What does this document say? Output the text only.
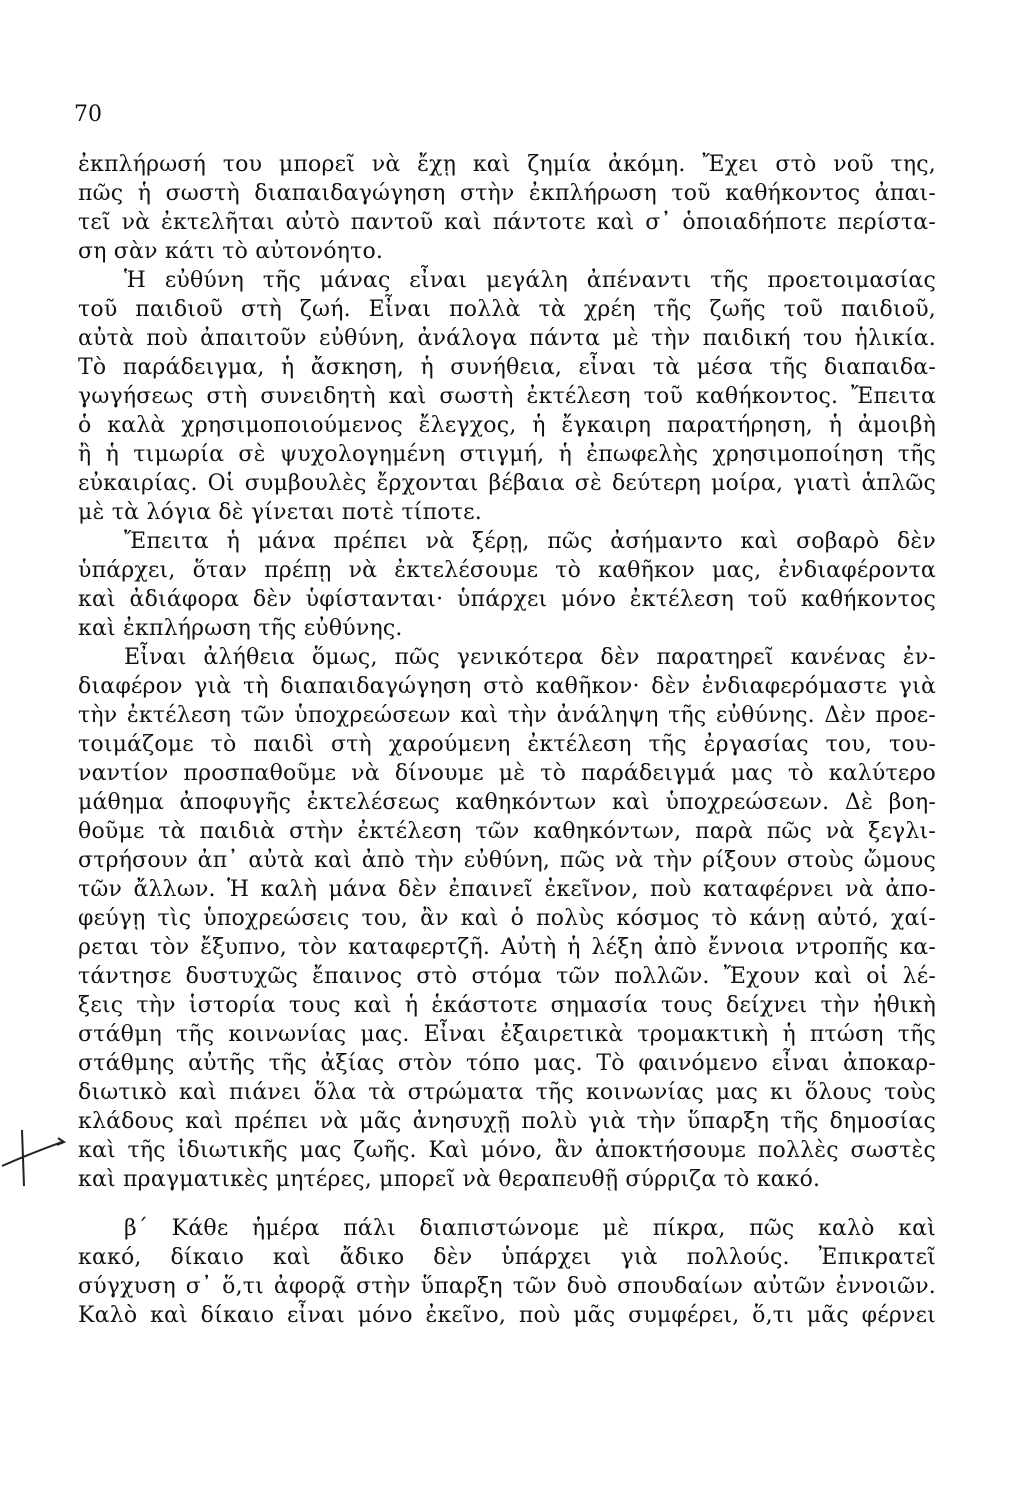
70
ἐκπλήρωσή του μπορεῖ νὰ ἔχῃ καὶ ζημία ἀκόμη. Ἔχει στὸ νοῦ της,
πῶς ἡ σωστὴ διαπαιδαγώγηση στὴν ἐκπλήρωση τοῦ καθήκοντος ἀπαι-
τεῖ νὰ ἐκτελῆται αὐτὸ παντοῦ καὶ πάντοτε καὶ σ᾽ ὁποιαδήποτε περίστα-
ση σὰν κάτι τὸ αὐτονόητο.
Ἡ εὐθύνη τῆς μάνας εἶναι μεγάλη ἀπέναντι τῆς προετοιμασίας
τοῦ παιδιοῦ στὴ ζωή. Εἶναι πολλὰ τὰ χρέη τῆς ζωῆς τοῦ παιδιοῦ,
αὐτὰ ποὺ ἀπαιτοῦν εὐθύνη, ἀνάλογα πάντα μὲ τὴν παιδική του ἡλικία.
Τὸ παράδειγμα, ἡ ἄσκηση, ἡ συνήθεια, εἶναι τὰ μέσα τῆς διαπαιδα-
γωγήσεως στὴ συνειδητὴ καὶ σωστὴ ἐκτέλεση τοῦ καθήκοντος. Ἔπειτα
ὁ καλὰ χρησιμοποιούμενος ἔλεγχος, ἡ ἔγκαιρη παρατήρηση, ἡ ἀμοιβὴ
ἢ ἡ τιμωρία σὲ ψυχολογημένη στιγμή, ἡ ἐπωφελὴς χρησιμοποίηση τῆς
εὐκαιρίας. Οἱ συμβουλὲς ἔρχονται βέβαια σὲ δεύτερη μοίρα, γιατὶ ἁπλῶς
μὲ τὰ λόγια δὲ γίνεται ποτὲ τίποτε.
Ἔπειτα ἡ μάνα πρέπει νὰ ξέρῃ, πῶς ἀσήμαντο καὶ σοβαρὸ δὲν
ὑπάρχει, ὅταν πρέπῃ νὰ ἐκτελέσουμε τὸ καθῆκον μας, ἐνδιαφέροντα
καὶ ἀδιάφορα δὲν ὑφίστανται· ὑπάρχει μόνο ἐκτέλεση τοῦ καθήκοντος
καὶ ἐκπλήρωση τῆς εὐθύνης.
Εἶναι ἀλήθεια ὅμως, πῶς γενικότερα δὲν παρατηρεῖ κανένας ἐν-
διαφέρον γιὰ τὴ διαπαιδαγώγηση στὸ καθῆκον· δὲν ἐνδιαφερόμαστε γιὰ
τὴν ἐκτέλεση τῶν ὑποχρεώσεων καὶ τὴν ἀνάληψη τῆς εὐθύνης. Δὲν προε-
τοιμάζομε τὸ παιδὶ στὴ χαρούμενη ἐκτέλεση τῆς ἐργασίας του, του-
ναντίον προσπαθοῦμε νὰ δίνουμε μὲ τὸ παράδειγμά μας τὸ καλύτερο
μάθημα ἀποφυγῆς ἐκτελέσεως καθηκόντων καὶ ὑποχρεώσεων. Δὲ βοη-
θοῦμε τὰ παιδιὰ στὴν ἐκτέλεση τῶν καθηκόντων, παρὰ πῶς νὰ ξεγλι-
στρήσουν ἀπ᾽ αὐτὰ καὶ ἀπὸ τὴν εὐθύνη, πῶς νὰ τὴν ρίξουν στοὺς ὤμους
τῶν ἄλλων. Ἡ καλὴ μάνα δὲν ἐπαινεῖ ἐκεῖνον, ποὺ καταφέρνει νὰ ἀπο-
φεύγῃ τὶς ὑποχρεώσεις του, ἂν καὶ ὁ πολὺς κόσμος τὸ κάνῃ αὐτό, χαί-
ρεται τὸν ἔξυπνο, τὸν καταφερτζῆ. Αὐτὴ ἡ λέξη ἀπὸ ἔννοια ντροπῆς κα-
τάντησε δυστυχῶς ἔπαινος στὸ στόμα τῶν πολλῶν. Ἔχουν καὶ οἱ λέ-
ξεις τὴν ἱστορία τους καὶ ἡ ἑκάστοτε σημασία τους δείχνει τὴν ἠθικὴ
στάθμη τῆς κοινωνίας μας. Εἶναι ἐξαιρετικὰ τρομακτικὴ ἡ πτώση τῆς
στάθμης αὐτῆς τῆς ἀξίας στὸν τόπο μας. Τὸ φαινόμενο εἶναι ἀποκαρ-
διωτικὸ καὶ πιάνει ὅλα τὰ στρώματα τῆς κοινωνίας μας κι ὅλους τοὺς
κλάδους καὶ πρέπει νὰ μᾶς ἀνησυχῇ πολὺ γιὰ τὴν ὕπαρξη τῆς δημοσίας
καὶ τῆς ἰδιωτικῆς μας ζωῆς. Καὶ μόνο, ἂν ἀποκτήσουμε πολλὲς σωστὲς
καὶ πραγματικὲς μητέρες, μπορεῖ νὰ θεραπευθῇ σύρριζα τὸ κακό.
β΄ Κάθε ἡμέρα πάλι διαπιστώνομε μὲ πίκρα, πῶς καλὸ καὶ
κακό, δίκαιο καὶ ἄδικο δὲν ὑπάρχει γιὰ πολλούς. Ἐπικρατεῖ
σύγχυση σ᾽ ὅ,τι ἀφορᾷ στὴν ὕπαρξη τῶν δυὸ σπουδαίων αὐτῶν ἐννοιῶν.
Καλὸ καὶ δίκαιο εἶναι μόνο ἐκεῖνο, ποὺ μᾶς συμφέρει, ὅ,τι μᾶς φέρνει
